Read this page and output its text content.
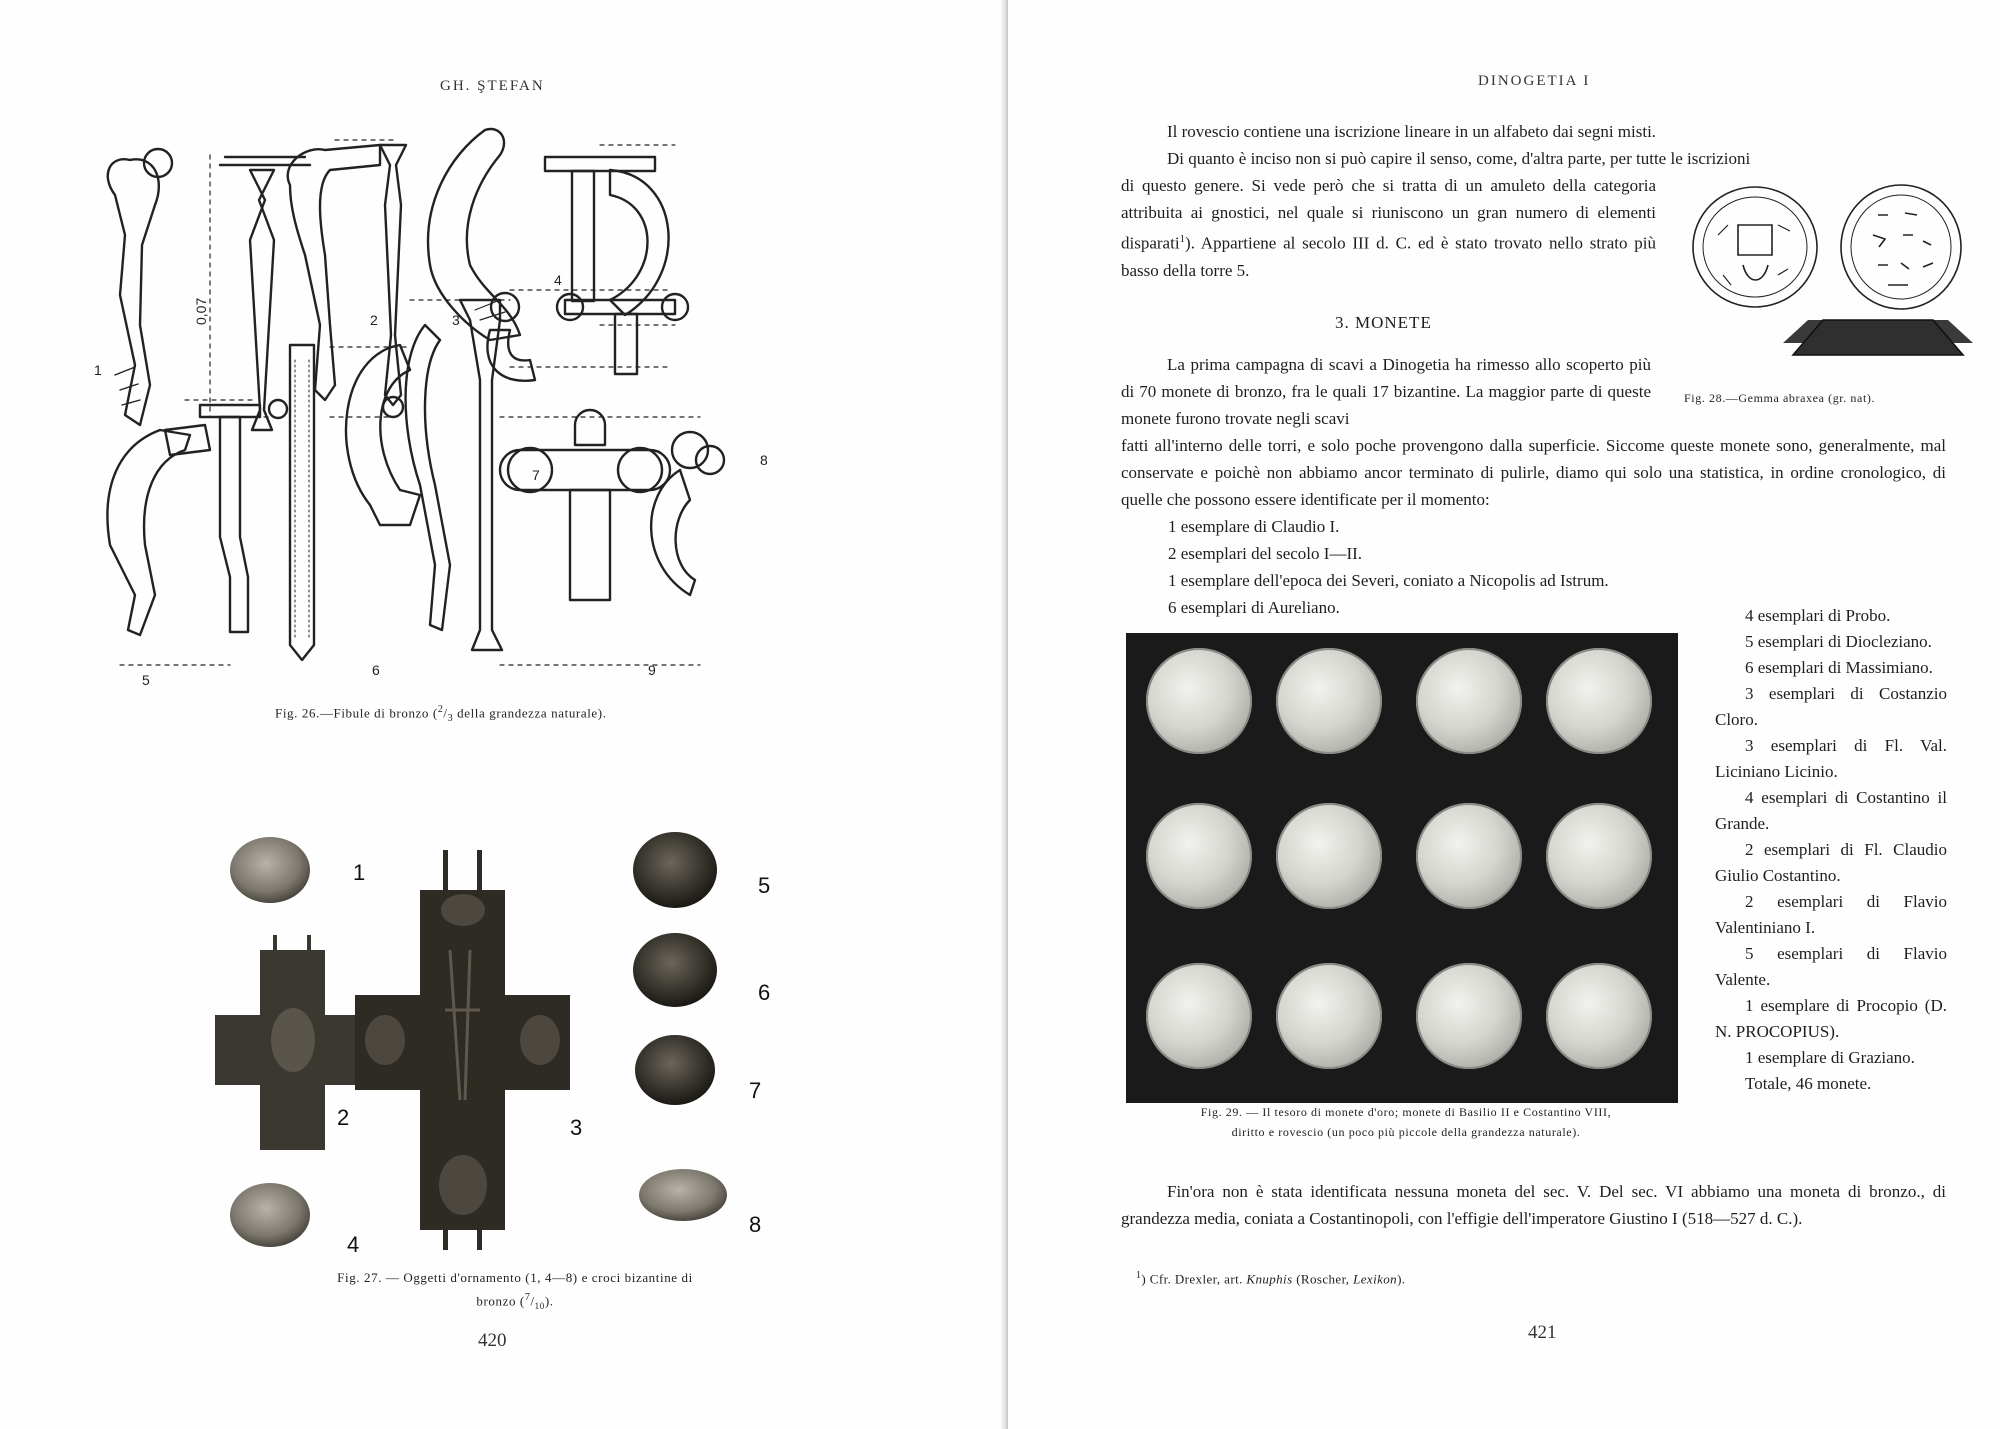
GH. ŞTEFAN
1
0,07	2	3
4
5
6
7
8
9
Fig. 26.—Fibule di bronzo ($^2/_3$ della grandezza naturale).
1
2	3
4
5
6
7
8
Fig. 27. — Oggetti d'ornamento (1, 4—8) e croci bizantine di
bronzo $(^7/_{10})$.
420
DINOGETIA I

Il rovescio contiene una iscrizione lineare in un alfabeto dai segni misti.

Di quanto è inciso non si può capire il senso, come, d'altra parte, per tutte le iscrizioni

di questo genere. Si vede però che si tratta di un amuleto della categoria attribuita ai gnostici, nel quale si riuniscono un gran numero di elementi disparati$^1$). Appartiene al secolo III d. C. ed è stato trovato nello strato più basso della torre 5.

Fig. 28.—Gemma abraxea (gr. nat).
3. MONETE

La prima campagna di scavi a Dinogetia ha rimesso allo scoperto più di 70 monete di bronzo, fra le quali 17 bizantine. La maggior parte di queste monete furono trovate negli scavi

fatti all'interno delle torri, e solo poche provengono dalla superficie. Siccome queste monete sono, generalmente, mal conservate e poichè non abbiamo ancor terminato di pulirle, diamo qui solo una statistica, in ordine cronologico, di quelle che possono essere identificate per il momento:

1 esemplare di Claudio I.
2 esemplari del secolo I—II.
1 esemplare dell'epoca dei Severi, coniato a Nicopolis ad Istrum.
6 esemplari di Aureliano.
Fig. 29. — Il tesoro di monete d'oro; monete di Basilio II e Costantino VIII,
diritto e rovescio (un poco più piccole della grandezza naturale).
4 esemplari di Probo.
5 esemplari di Diocleziano.
6 esemplari di Massimiano.
3 esemplari di Costanzio Cloro.
3 esemplari di Fl. Val. Liciniano Licinio.
4 esemplari di Costantino il Grande.
2 esemplari di Fl. Claudio Giulio Costantino.
2 esemplari di Flavio Valentiniano I.
5 esemplari di Flavio Valente.
1 esemplare di Procopio (D. N. PROCOPIUS).
1 esemplare di Graziano.
Totale, 46 monete.

Fin'ora non è stata identificata nessuna moneta del sec. V. Del sec. VI abbiamo una moneta di bronzo., di grandezza media, coniata a Costantinopoli, con l'effigie dell'imperatore Giustino I (518—527 d. C.).

$^1$) Cfr. Drexler, art. Knuphis (Roscher, Lexikon).
421
